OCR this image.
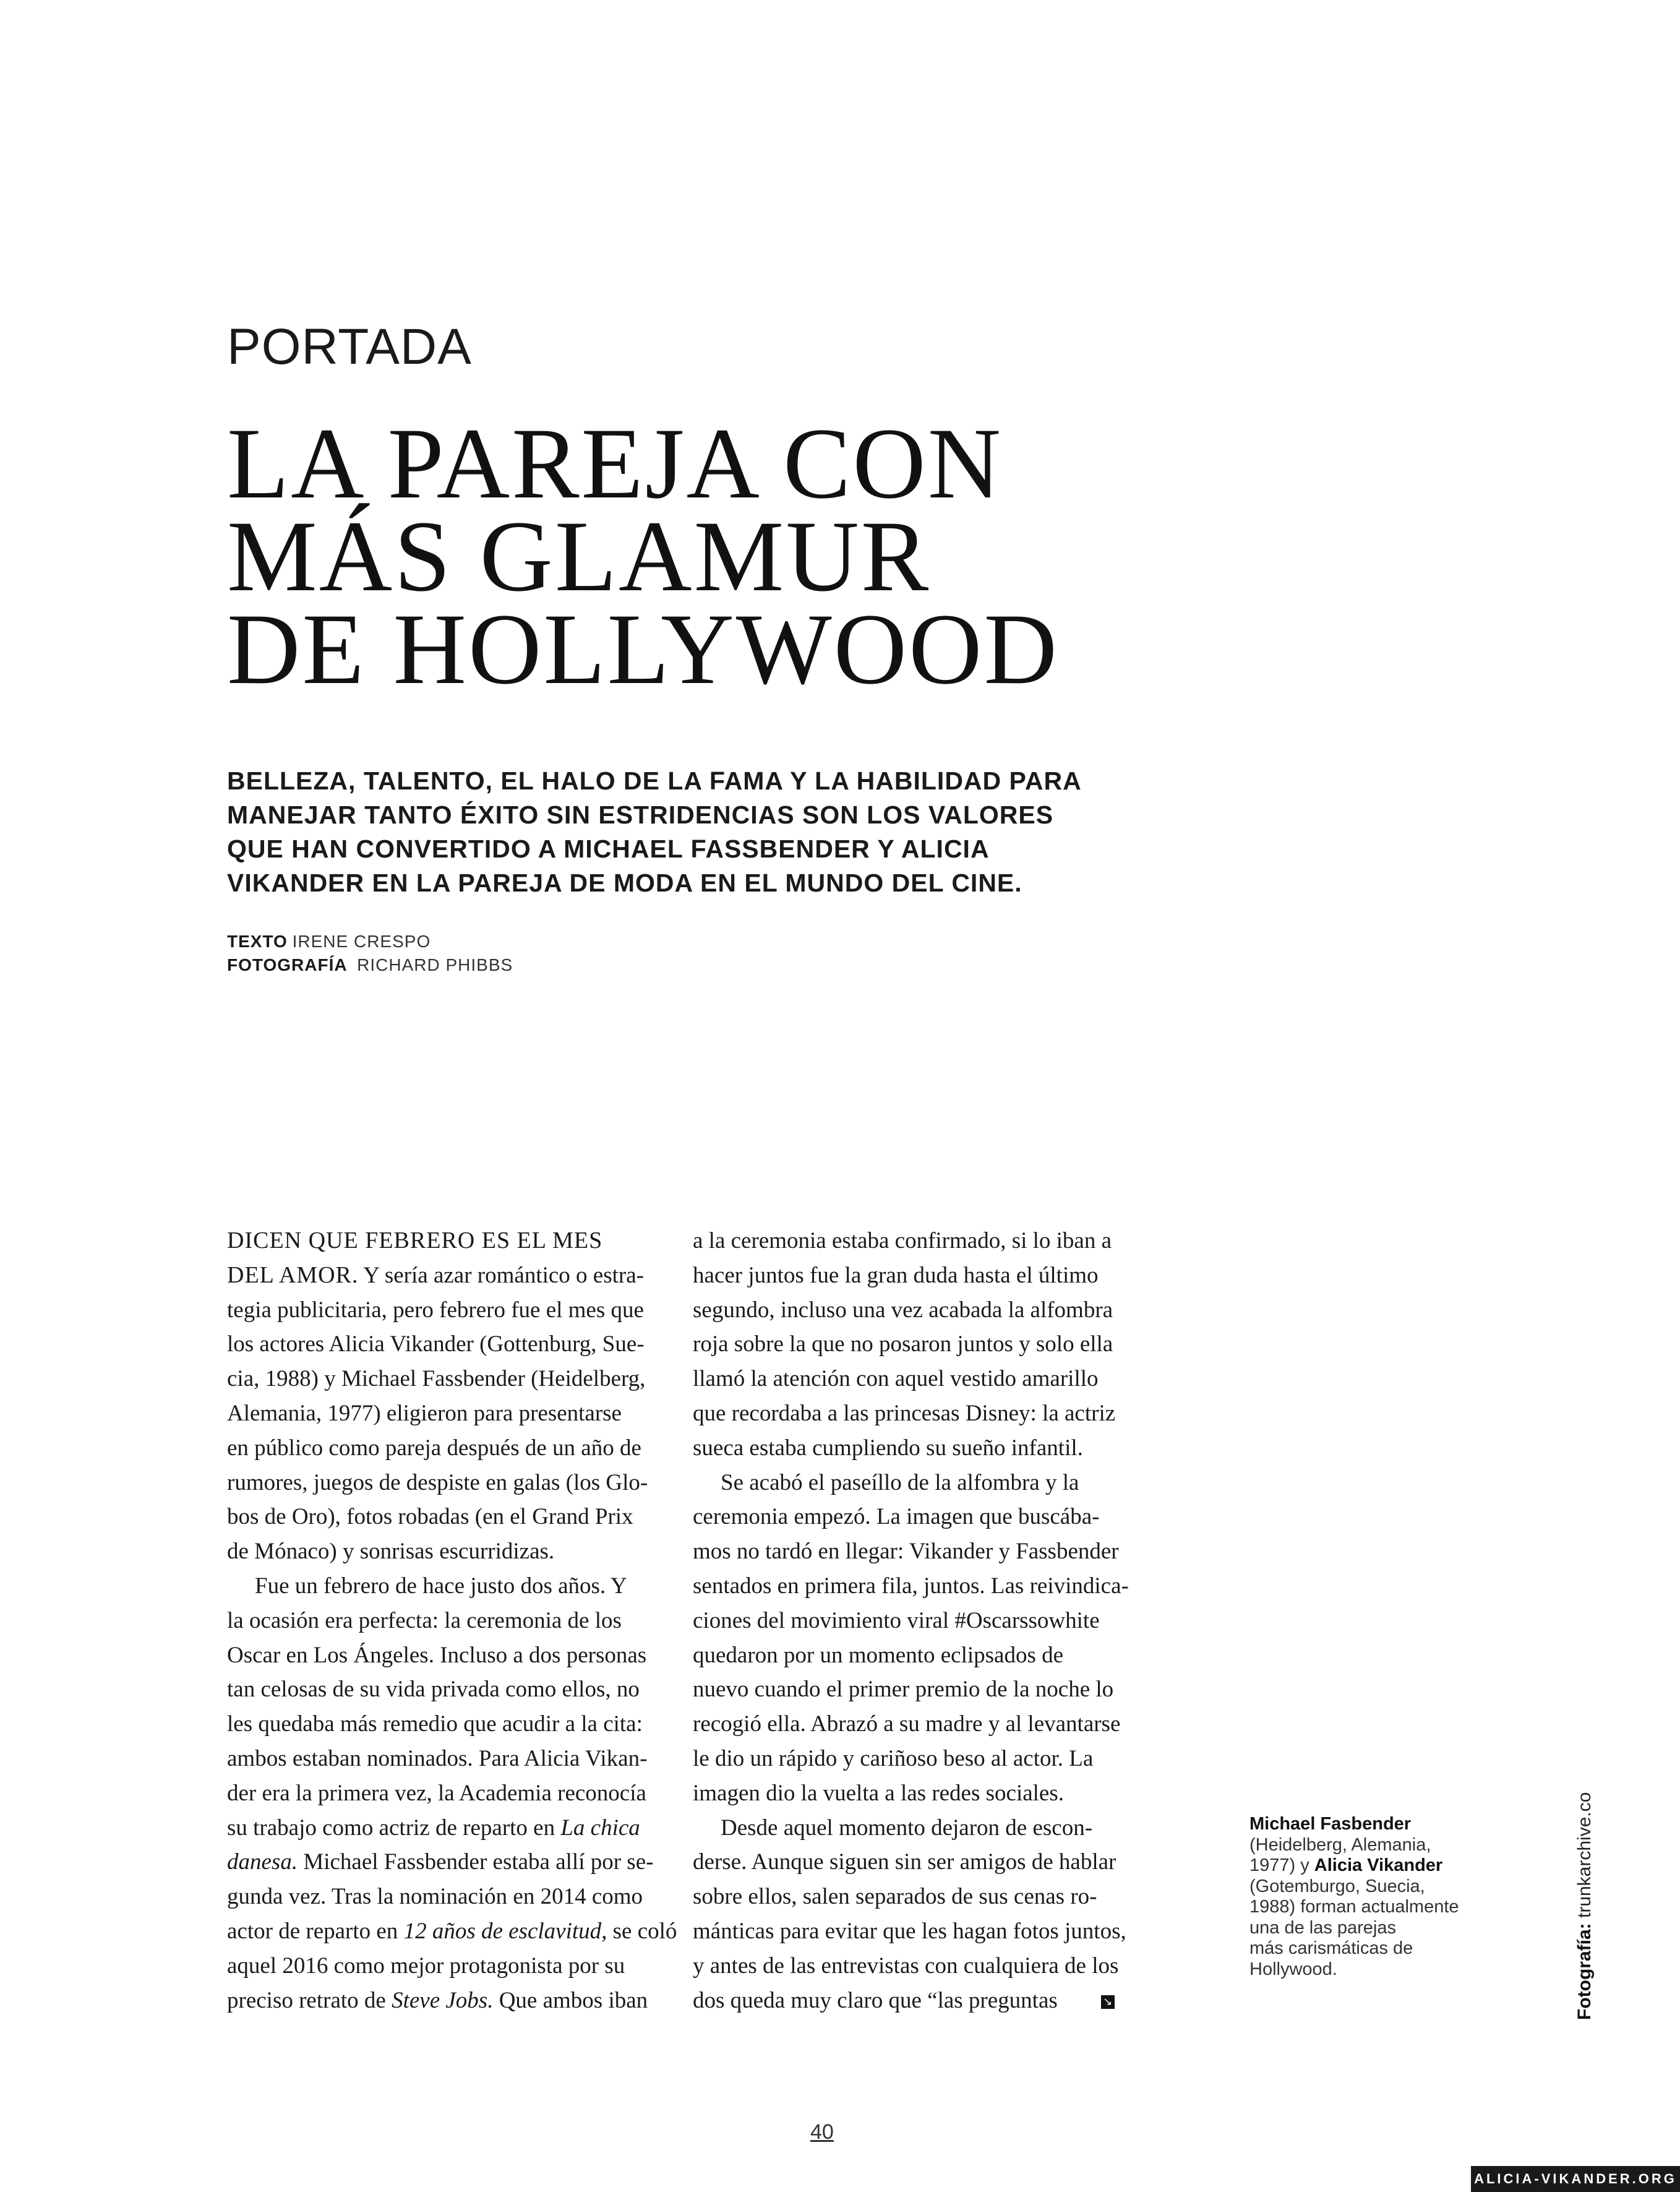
PORTADA
LA PAREJA CON
MÁS GLAMUR
DE HOLLYWOOD
BELLEZA, TALENTO, EL HALO DE LA FAMA Y LA HABILIDAD PARA
MANEJAR TANTO ÉXITO SIN ESTRIDENCIAS SON LOS VALORES
QUE HAN CONVERTIDO A MICHAEL FASSBENDER Y ALICIA
VIKANDER EN LA PAREJA DE MODA EN EL MUNDO DEL CINE.
TEXTO IRENE CRESPO
FOTOGRAFÍA RICHARD PHIBBS
DICEN QUE FEBRERO ES EL MES
DEL AMOR. Y sería azar romántico o estra-
tegia publicitaria, pero febrero fue el mes que
los actores Alicia Vikander (Gottenburg, Sue-
cia, 1988) y Michael Fassbender (Heidelberg,
Alemania, 1977) eligieron para presentarse
en público como pareja después de un año de
rumores, juegos de despiste en galas (los Glo-
bos de Oro), fotos robadas (en el Grand Prix
de Mónaco) y sonrisas escurridizas.
Fue un febrero de hace justo dos años. Y
la ocasión era perfecta: la ceremonia de los
Oscar en Los Ángeles. Incluso a dos personas
tan celosas de su vida privada como ellos, no
les quedaba más remedio que acudir a la cita:
ambos estaban nominados. Para Alicia Vikan-
der era la primera vez, la Academia reconocía
su trabajo como actriz de reparto en La chica
danesa. Michael Fassbender estaba allí por se-
gunda vez. Tras la nominación en 2014 como
actor de reparto en 12 años de esclavitud, se coló
aquel 2016 como mejor protagonista por su
preciso retrato de Steve Jobs. Que ambos iban
a la ceremonia estaba confirmado, si lo iban a
hacer juntos fue la gran duda hasta el último
segundo, incluso una vez acabada la alfombra
roja sobre la que no posaron juntos y solo ella
llamó la atención con aquel vestido amarillo
que recordaba a las princesas Disney: la actriz
sueca estaba cumpliendo su sueño infantil.
Se acabó el paseíllo de la alfombra y la
ceremonia empezó. La imagen que buscába-
mos no tardó en llegar: Vikander y Fassbender
sentados en primera fila, juntos. Las reivindica-
ciones del movimiento viral #Oscarssowhite
quedaron por un momento eclipsados de
nuevo cuando el primer premio de la noche lo
recogió ella. Abrazó a su madre y al levantarse
le dio un rápido y cariñoso beso al actor. La
imagen dio la vuelta a las redes sociales.
Desde aquel momento dejaron de escon-
derse. Aunque siguen sin ser amigos de hablar
sobre ellos, salen separados de sus cenas ro-
mánticas para evitar que les hagan fotos juntos,
y antes de las entrevistas con cualquiera de los
dos queda muy claro que “las preguntas	↘
Michael Fasbender
(Heidelberg, Alemania,
1977) y Alicia Vikander
(Gotemburgo, Suecia,
1988) forman actualmente
una de las parejas
más carismáticas de
Hollywood.	Fotografía: trunkarchive.co
40
ALICIA-VIKANDER.ORG
